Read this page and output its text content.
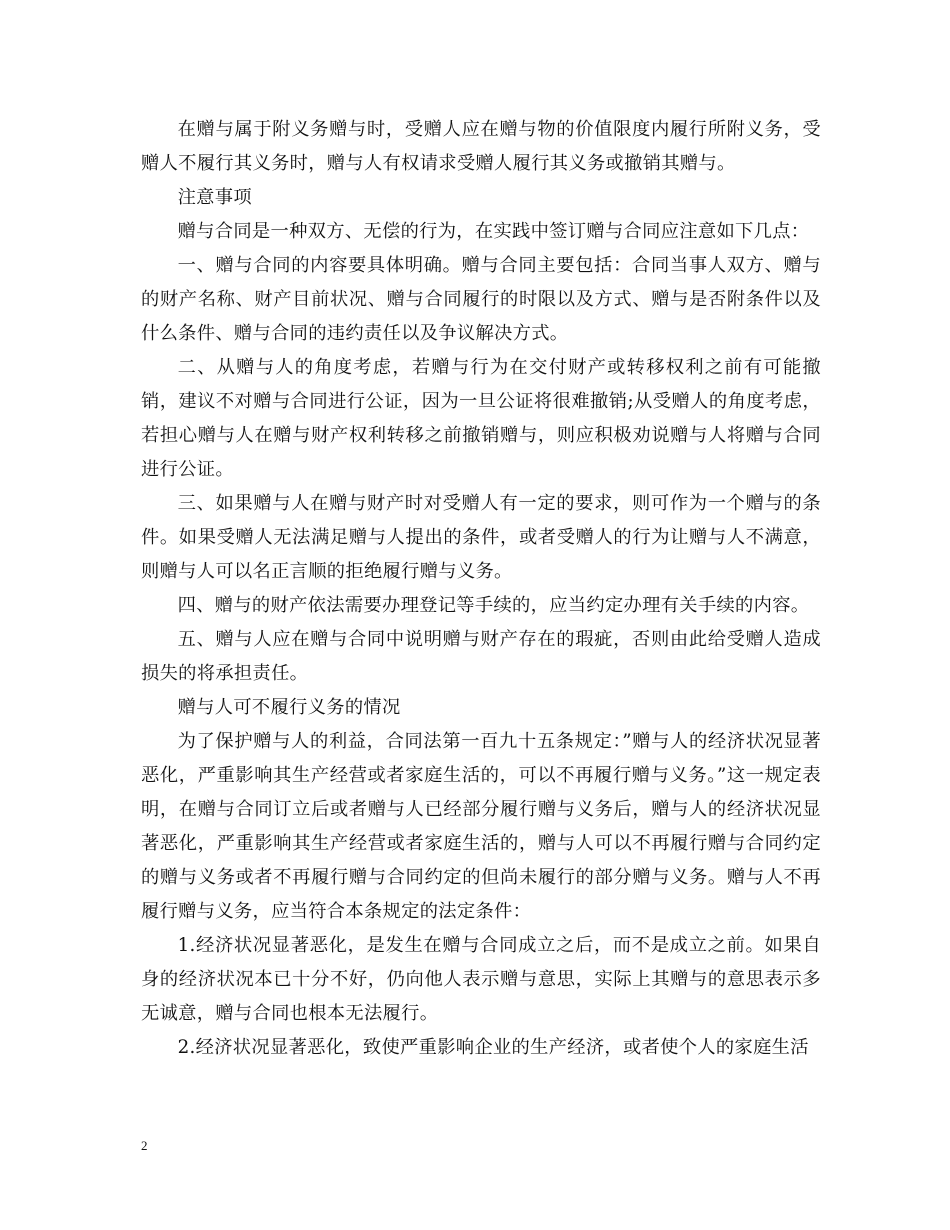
在赠与属于附义务赠与时，受赠人应在赠与物的价值限度内履行所附义务，受赠人不履行其义务时，赠与人有权请求受赠人履行其义务或撤销其赠与。

注意事项

赠与合同是一种双方、无偿的行为，在实践中签订赠与合同应注意如下几点：

一、赠与合同的内容要具体明确。赠与合同主要包括：合同当事人双方、赠与的财产名称、财产目前状况、赠与合同履行的时限以及方式、赠与是否附条件以及什么条件、赠与合同的违约责任以及争议解决方式。

二、从赠与人的角度考虑，若赠与行为在交付财产或转移权利之前有可能撤销，建议不对赠与合同进行公证，因为一旦公证将很难撤销;从受赠人的角度考虑，若担心赠与人在赠与财产权利转移之前撤销赠与，则应积极劝说赠与人将赠与合同进行公证。

三、如果赠与人在赠与财产时对受赠人有一定的要求，则可作为一个赠与的条件。如果受赠人无法满足赠与人提出的条件，或者受赠人的行为让赠与人不满意，则赠与人可以名正言顺的拒绝履行赠与义务。

四、赠与的财产依法需要办理登记等手续的，应当约定办理有关手续的内容。

五、赠与人应在赠与合同中说明赠与财产存在的瑕疵，否则由此给受赠人造成损失的将承担责任。

赠与人可不履行义务的情况

为了保护赠与人的利益，合同法第一百九十五条规定：”赠与人的经济状况显著恶化，严重影响其生产经营或者家庭生活的，可以不再履行赠与义务。”这一规定表明，在赠与合同订立后或者赠与人已经部分履行赠与义务后，赠与人的经济状况显著恶化，严重影响其生产经营或者家庭生活的，赠与人可以不再履行赠与合同约定的赠与义务或者不再履行赠与合同约定的但尚未履行的部分赠与义务。赠与人不再履行赠与义务，应当符合本条规定的法定条件：

1.经济状况显著恶化，是发生在赠与合同成立之后，而不是成立之前。如果自身的经济状况本已十分不好，仍向他人表示赠与意思，实际上其赠与的意思表示多无诚意，赠与合同也根本无法履行。

2.经济状况显著恶化，致使严重影响企业的生产经济，或者使个人的家庭生活

2
